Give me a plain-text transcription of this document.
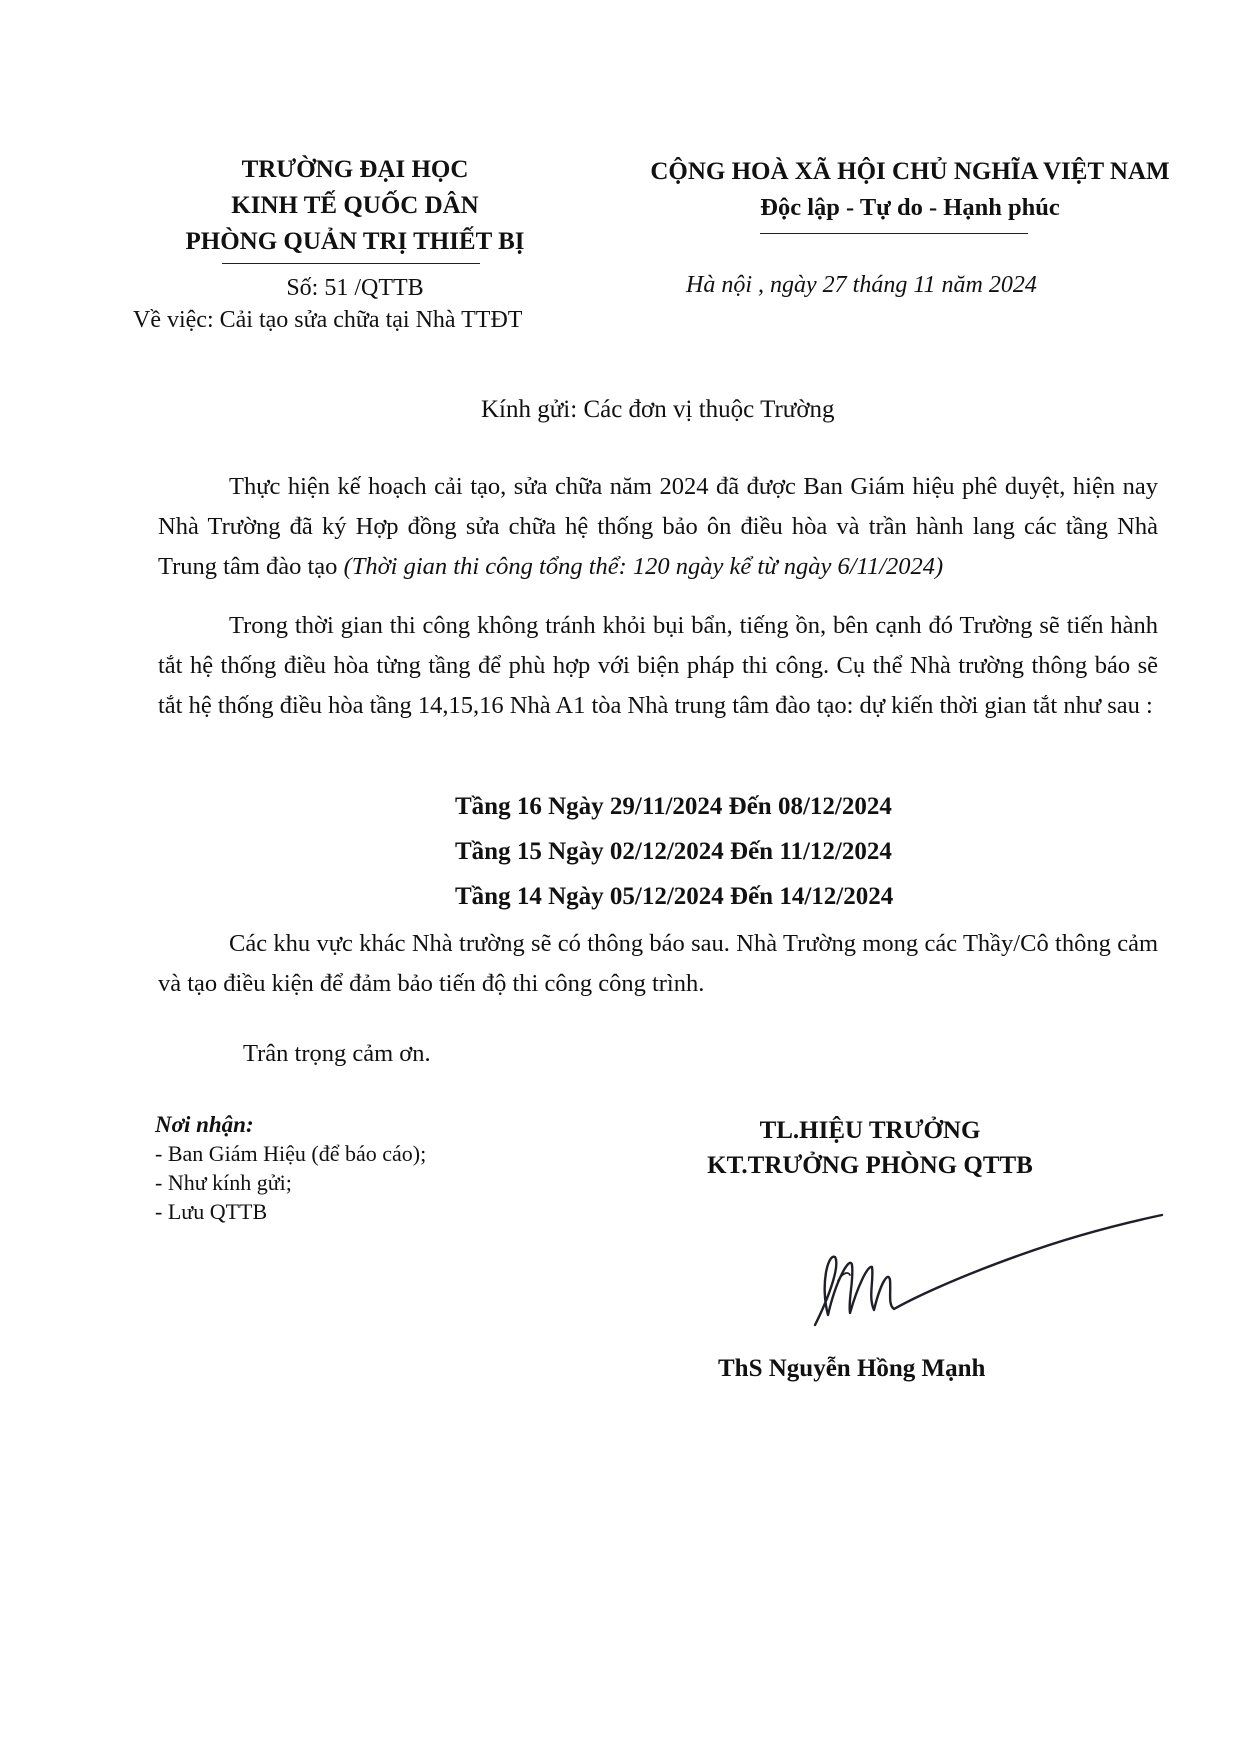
TRƯỜNG ĐẠI HỌC
KINH TẾ QUỐC DÂN
PHÒNG QUẢN TRỊ THIẾT BỊ
CỘNG HOÀ XÃ HỘI CHỦ NGHĨA VIỆT NAM
Độc lập - Tự do - Hạnh phúc
Số: 51 /QTTB
Về việc: Cải tạo sửa chữa tại Nhà TTĐT
Hà nội , ngày 27 tháng 11 năm 2024
Kính gửi: Các đơn vị thuộc Trường
Thực hiện kế hoạch cải tạo, sửa chữa năm 2024 đã được Ban Giám hiệu phê duyệt, hiện nay Nhà Trường đã ký Hợp đồng sửa chữa hệ thống bảo ôn điều hòa và trần hành lang các tầng Nhà Trung tâm đào tạo (Thời gian thi công tổng thể: 120 ngày kể từ ngày 6/11/2024)
Trong thời gian thi công không tránh khỏi bụi bẩn, tiếng ồn, bên cạnh đó Trường sẽ tiến hành tắt hệ thống điều hòa từng tầng để phù hợp với biện pháp thi công. Cụ thể Nhà trường thông báo sẽ tắt hệ thống điều hòa tầng 14,15,16 Nhà A1 tòa Nhà trung tâm đào tạo: dự kiến thời gian tắt như sau :
Tầng 16 Ngày 29/11/2024 Đến 08/12/2024
Tầng 15 Ngày 02/12/2024 Đến 11/12/2024
Tầng 14 Ngày 05/12/2024 Đến 14/12/2024
Các khu vực khác Nhà trường sẽ có thông báo sau. Nhà Trường mong các Thầy/Cô thông cảm và tạo điều kiện để đảm bảo tiến độ thi công công trình.
Trân trọng cảm ơn.
Nơi nhận:
- Ban Giám Hiệu (để báo cáo);
- Như kính gửi;
- Lưu QTTB
TL.HIỆU TRƯỞNG
KT.TRƯỞNG PHÒNG QTTB
ThS Nguyễn Hồng Mạnh
